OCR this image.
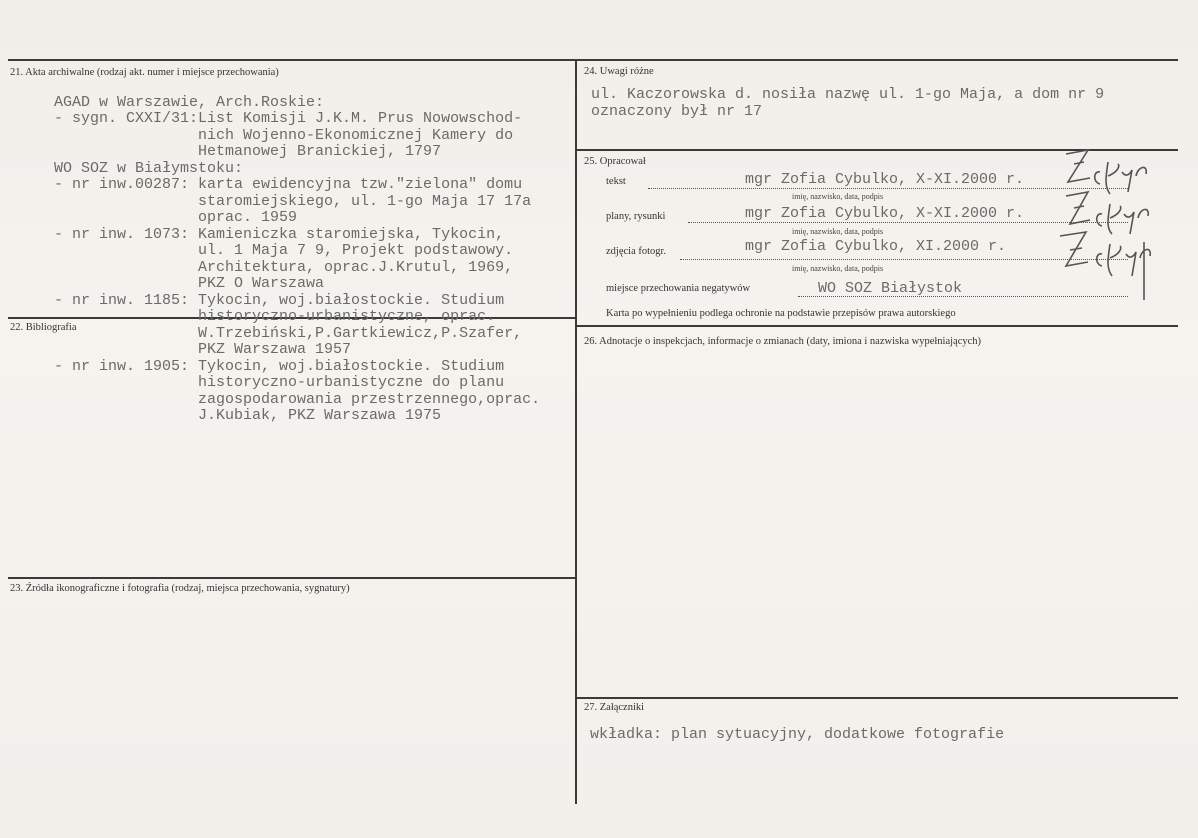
21. Akta archiwalne (rodzaj akt. numer i miejsce przechowania)
AGAD w Warszawie, Arch.Roskie:
- sygn. CXXI/31:List Komisji J.K.M. Prus Nowowschod-
nich Wojenno-Ekonomicznej Kamery do
Hetmanowej Branickiej, 1797
WO SOZ w Białymstoku:
- nr inw.00287: karta ewidencyjna tzw."zielona" domu
staromiejskiego, ul. 1-go Maja 17 17a
oprac. 1959
- nr inw. 1073: Kamieniczka staromiejska, Tykocin,
ul. 1 Maja 7 9, Projekt podstawowy.
Architektura, oprac.J.Krutul, 1969,
PKZ O Warszawa
- nr inw. 1185: Tykocin, woj.białostockie. Studium
historyczno-urbanistyczne, oprac.
W.Trzebiński,P.Gartkiewicz,P.Szafer,
PKZ Warszawa 1957
- nr inw. 1905: Tykocin, woj.białostockie. Studium
historyczno-urbanistyczne do planu
zagospodarowania przestrzennego,oprac.
J.Kubiak, PKZ Warszawa 1975
22. Bibliografia
23. Źródła ikonograficzne i fotografia (rodzaj, miejsca przechowania, sygnatury)
24. Uwagi różne
ul. Kaczorowska d. nosiła nazwę ul. 1-go Maja, a dom nr 9
oznaczony był nr 17
25. Opracował
tekst	mgr Zofia Cybulko, X-XI.2000 r.
imię, nazwisko, data, podpis
plany, rysunki	mgr Zofia Cybulko, X-XI.2000 r.
imię, nazwisko, data, podpis
zdjęcia fotogr.	mgr Zofia Cybulko, XI.2000 r.
imię, nazwisko, data, podpis
miejsce przechowania negatywów	WO SOZ Białystok
Karta po wypełnieniu podlega ochronie na podstawie przepisów prawa autorskiego
26. Adnotacje o inspekcjach, informacje o zmianach (daty, imiona i nazwiska wypełniających)
27. Załączniki
wkładka: plan sytuacyjny, dodatkowe fotografie
